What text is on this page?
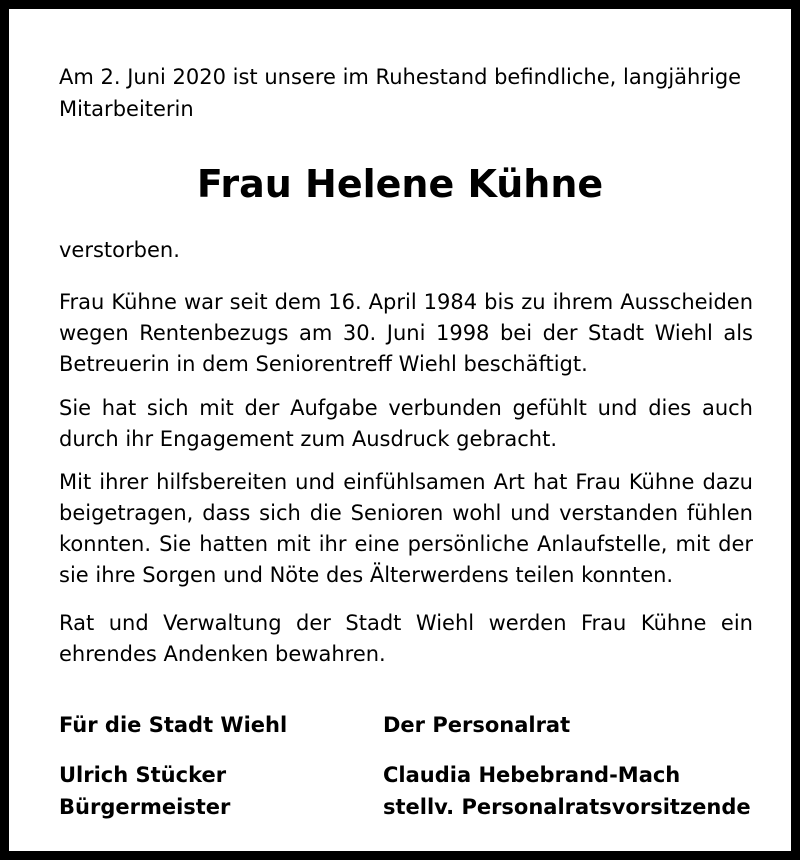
Am 2. Juni 2020 ist unsere im Ruhestand befindliche, langjährige
Mitarbeiterin
Frau Helene Kühne
verstorben.
Frau Kühne war seit dem 16. April 1984 bis zu ihrem Ausscheiden wegen Rentenbezugs am 30. Juni 1998 bei der Stadt Wiehl als Betreuerin in dem Seniorentreff Wiehl beschäftigt.
Sie hat sich mit der Aufgabe verbunden gefühlt und dies auch durch ihr Engagement zum Ausdruck gebracht.
Mit ihrer hilfsbereiten und einfühlsamen Art hat Frau Kühne dazu beigetragen, dass sich die Senioren wohl und verstanden fühlen konnten. Sie hatten mit ihr eine persönliche Anlaufstelle, mit der sie ihre Sorgen und Nöte des Älterwerdens teilen konnten.
Rat und Verwaltung der Stadt Wiehl werden Frau Kühne ein ehrendes Andenken bewahren.
Für die Stadt Wiehl
Ulrich Stücker
Bürgermeister
Der Personalrat
Claudia Hebebrand-Mach
stellv. Personalratsvorsitzende
